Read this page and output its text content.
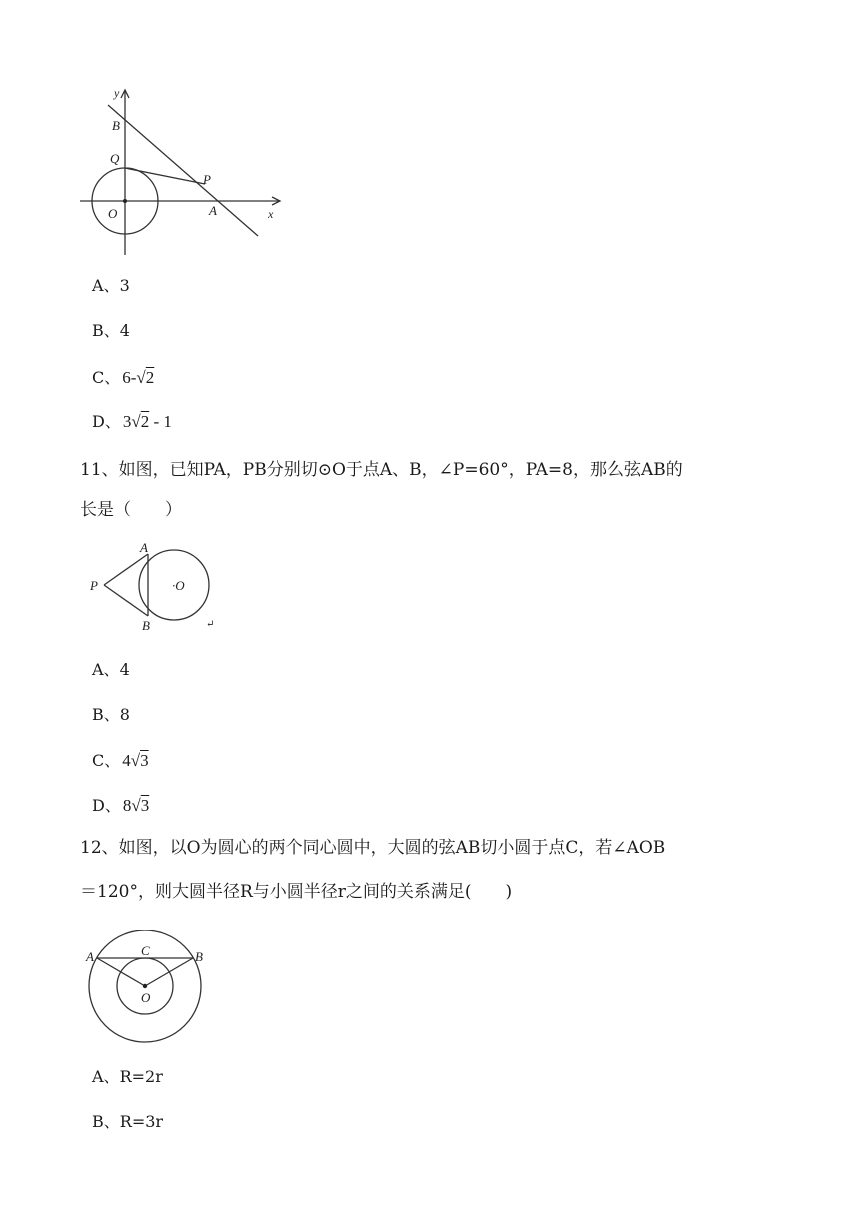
y
B
Q
P
O	A	x
A、3
B、4
C、 6-√2
D、 3√2 - 1
11、如图，已知PA，PB分别切⊙O于点A、B，∠P=60°，PA=8，那么弦AB的
长是（　　）
A
P	·O
B	↵
A、4
B、8
C、 4√3
D、 8√3
12、如图，以O为圆心的两个同心圆中，大圆的弦AB切小圆于点C，若∠AOB
＝120°，则大圆半径R与小圆半径r之间的关系满足(　　)
A	C	B
O
A、R=2r
B、R=3r
